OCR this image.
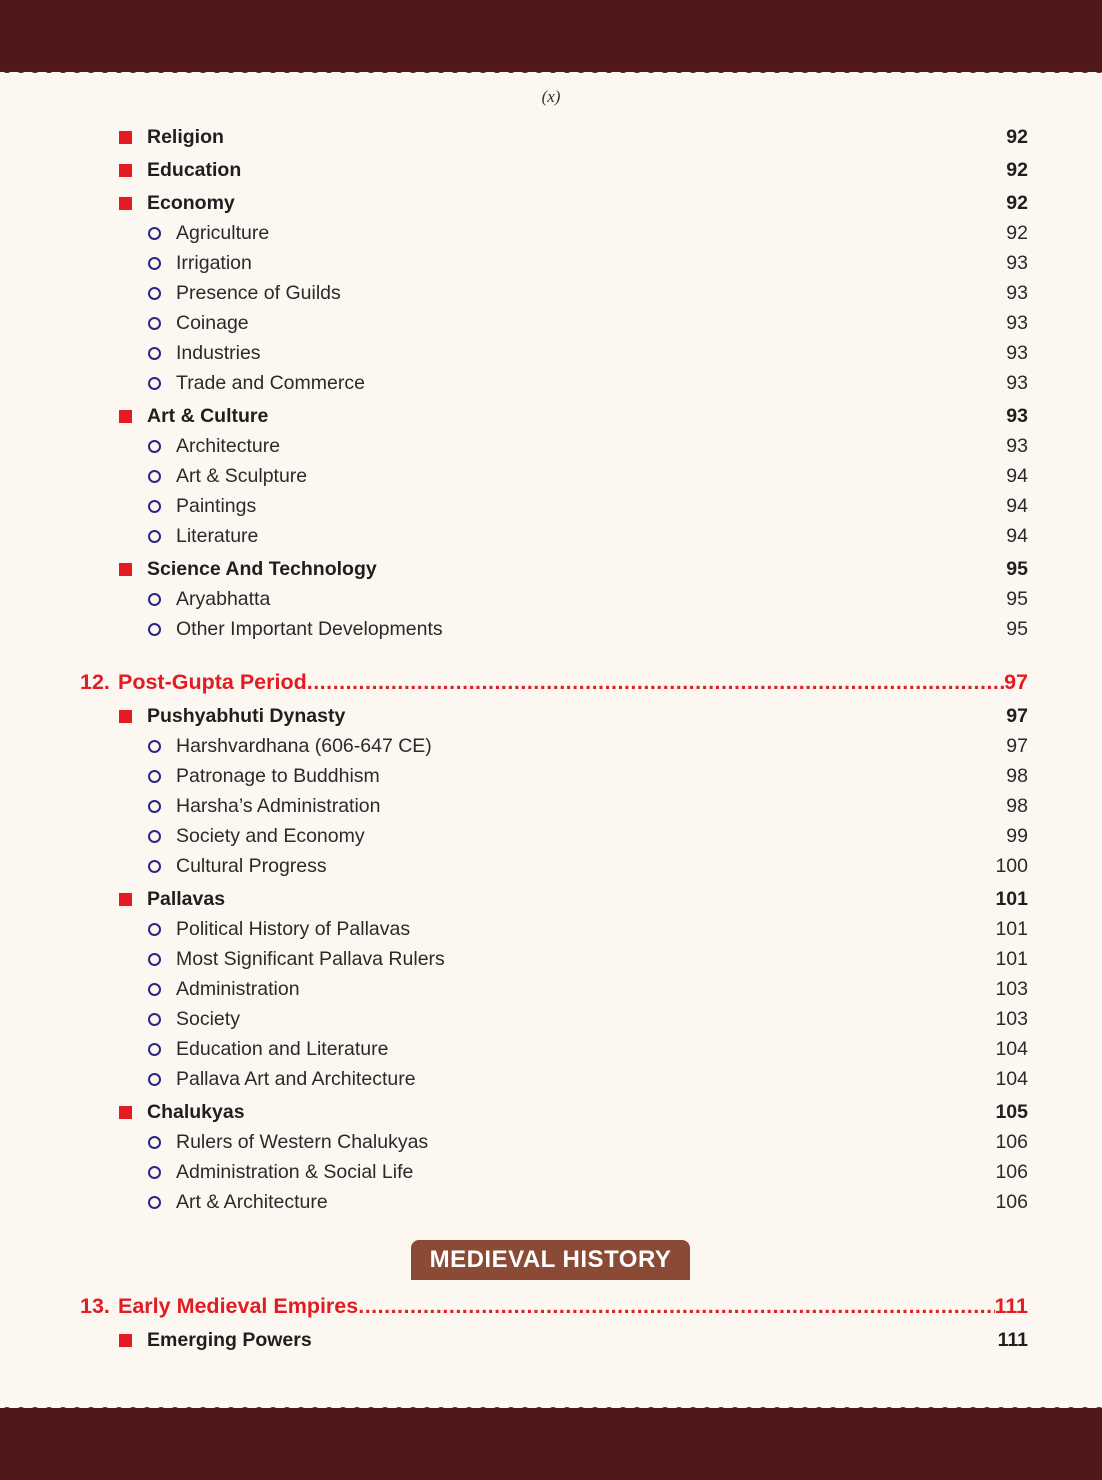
(x)
Religion	92
Education	92
Economy	92
Agriculture	92
Irrigation	93
Presence of Guilds	93
Coinage	93
Industries	93
Trade and Commerce	93
Art & Culture	93
Architecture	93
Art & Sculpture	94
Paintings	94
Literature	94
Science And Technology	95
Aryabhatta	95
Other Important Developments	95
12. Post-Gupta Period .....	97
Pushyabhuti Dynasty	97
Harshvardhana (606-647 CE)	97
Patronage to Buddhism	98
Harsha’s Administration	98
Society and Economy	99
Cultural Progress	100
Pallavas	101
Political History of Pallavas	101
Most Significant Pallava Rulers	101
Administration	103
Society	103
Education and Literature	104
Pallava Art and Architecture	104
Chalukyas	105
Rulers of Western Chalukyas	106
Administration & Social Life	106
Art & Architecture	106
MEDIEVAL HISTORY
13. Early Medieval Empires .....	111
Emerging Powers	111
